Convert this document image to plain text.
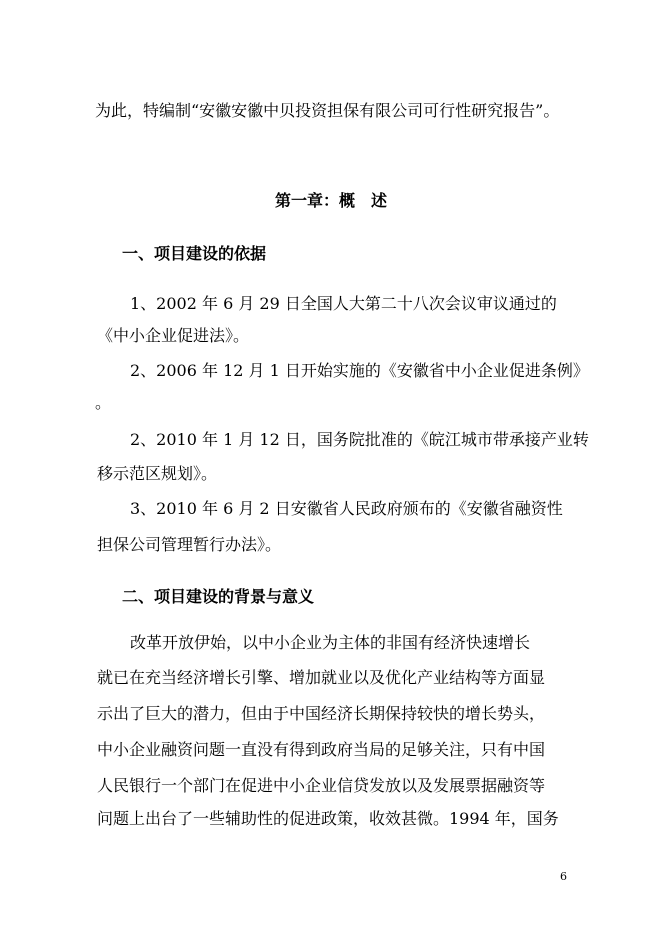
为此，特编制“安徽安徽中贝投资担保有限公司可行性研究报告”。

第一章：概　述
一、项目建设的依据

1、2002 年 6 月 29 日全国人大第二十八次会议审议通过的

《中小企业促进法》。

2、2006 年 12 月 1 日开始实施的《安徽省中小企业促进条例》

。

2、2010 年 1 月 12 日，国务院批准的《皖江城市带承接产业转

移示范区规划》。

3、2010 年 6 月 2 日安徽省人民政府颁布的《安徽省融资性

担保公司管理暂行办法》。

二、项目建设的背景与意义

改革开放伊始，以中小企业为主体的非国有经济快速增长

就已在充当经济增长引擎、增加就业以及优化产业结构等方面显

示出了巨大的潜力，但由于中国经济长期保持较快的增长势头，

中小企业融资问题一直没有得到政府当局的足够关注，只有中国

人民银行一个部门在促进中小企业信贷发放以及发展票据融资等

问题上出台了一些辅助性的促进政策，收效甚微。1994 年，国务

6
